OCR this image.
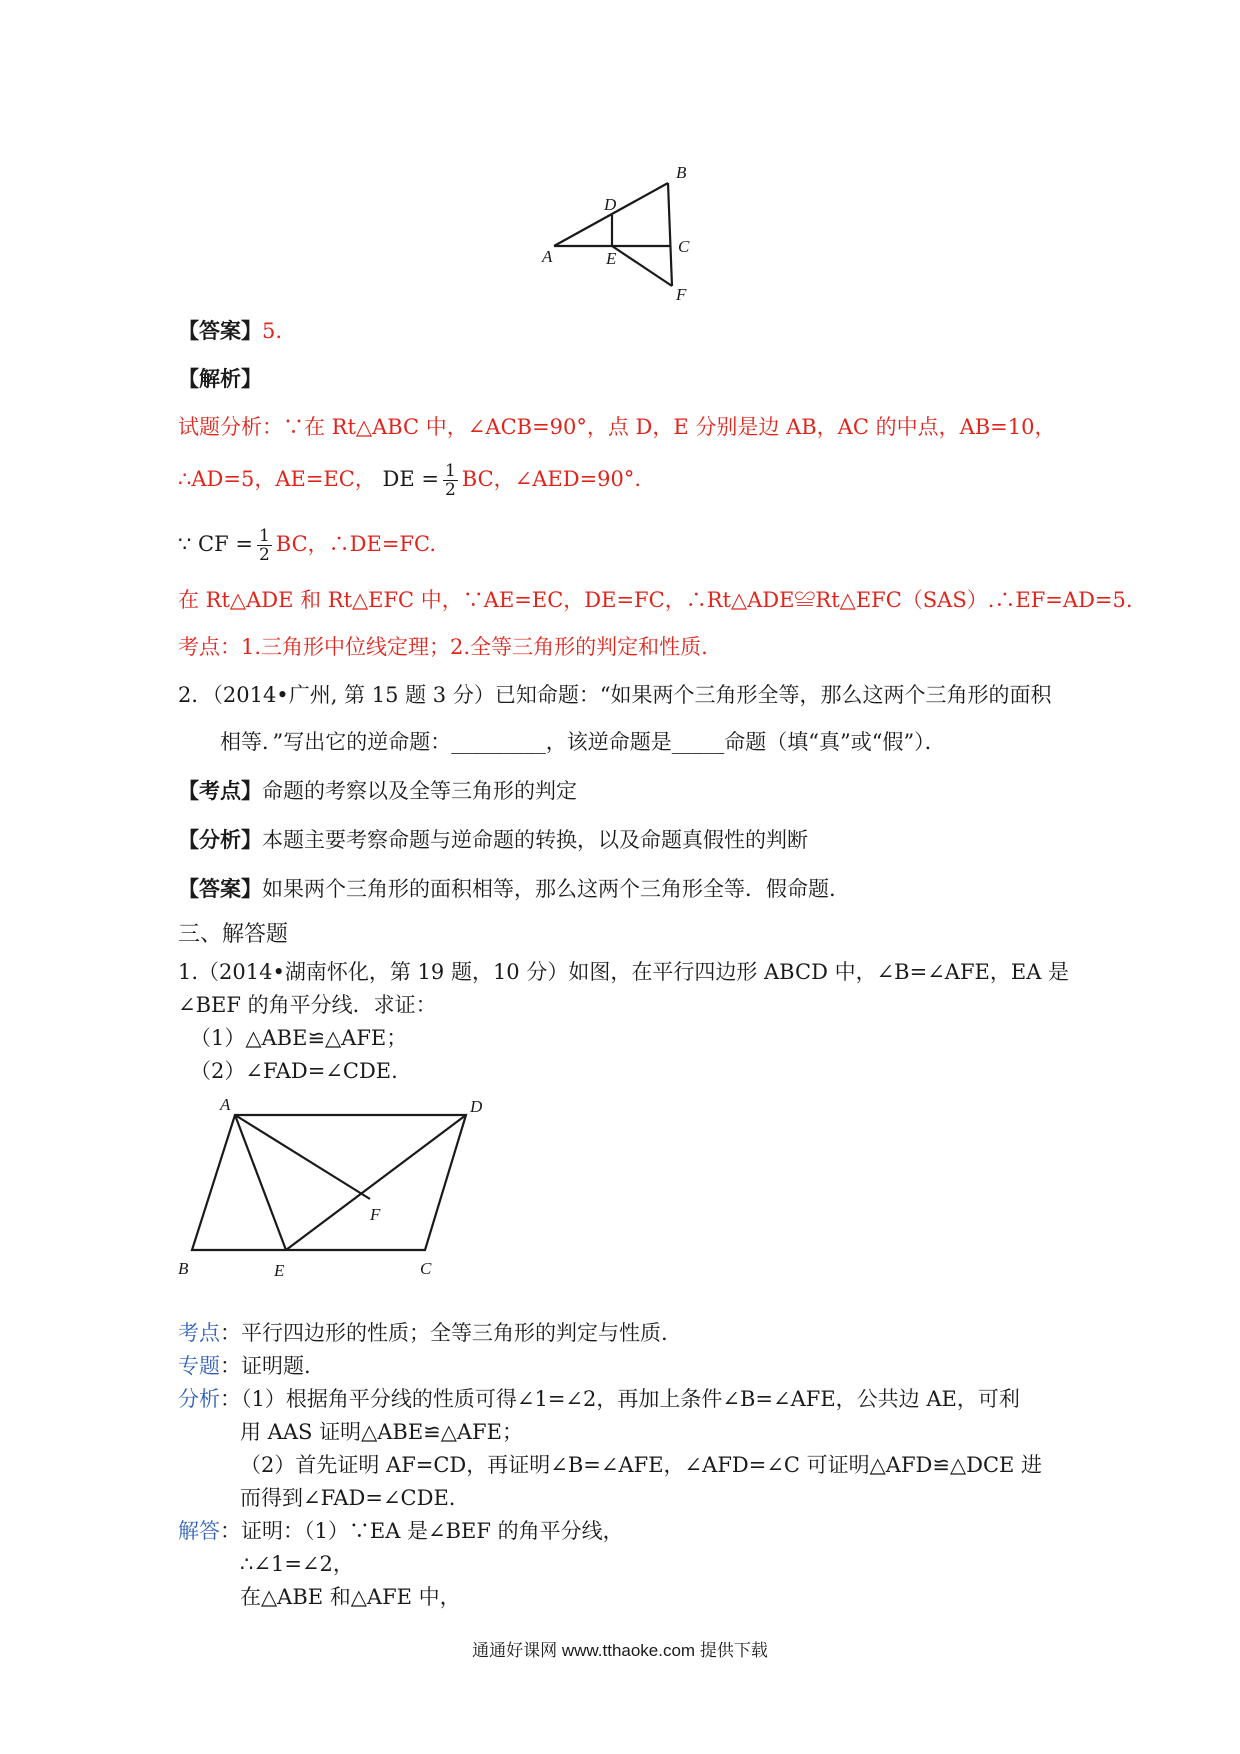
A
B
C
D
E
F
【答案】5.
【解析】
试题分析：∵在 Rt△ABC 中，∠ACB=90°，点 D，E 分别是边 AB，AC 的中点，AB=10，
∴AD=5，AE=EC， DE = $\frac{1}{2}$ BC，∠AED=90°.
∵ CF = $\frac{1}{2}$ BC，∴DE=FC.
在 Rt△ADE 和 Rt△EFC 中，∵AE=EC，DE=FC，∴Rt△ADE≌Rt△EFC（SAS）.∴EF=AD=5.
考点：1.三角形中位线定理；2.全等三角形的判定和性质.
2．（2014•广州, 第 15 题 3 分）已知命题：“如果两个三角形全等，那么这两个三角形的面积
相等．”写出它的逆命题：_________，该逆命题是_____命题（填“真”或“假”）．
【考点】命题的考察以及全等三角形的判定
【分析】本题主要考察命题与逆命题的转换，以及命题真假性的判断
【答案】如果两个三角形的面积相等，那么这两个三角形全等．假命题.
三、解答题
1.（2014•湖南怀化，第 19 题，10 分）如图，在平行四边形 ABCD 中，∠B=∠AFE，EA 是
∠BEF 的角平分线．求证：
（1）△ABE≌△AFE；
（2）∠FAD=∠CDE.
A	D
F
B	E	C
考点：平行四边形的性质；全等三角形的判定与性质.
专题：证明题.
分析：（1）根据角平分线的性质可得∠1=∠2，再加上条件∠B=∠AFE，公共边 AE，可利
用 AAS 证明△ABE≌△AFE；
（2）首先证明 AF=CD，再证明∠B=∠AFE，∠AFD=∠C 可证明△AFD≌△DCE 进
而得到∠FAD=∠CDE.
解答：证明：（1）∵EA 是∠BEF 的角平分线，
∴∠1=∠2，
在△ABE 和△AFE 中，
通通好课网 www.tthaoke.com 提供下载
